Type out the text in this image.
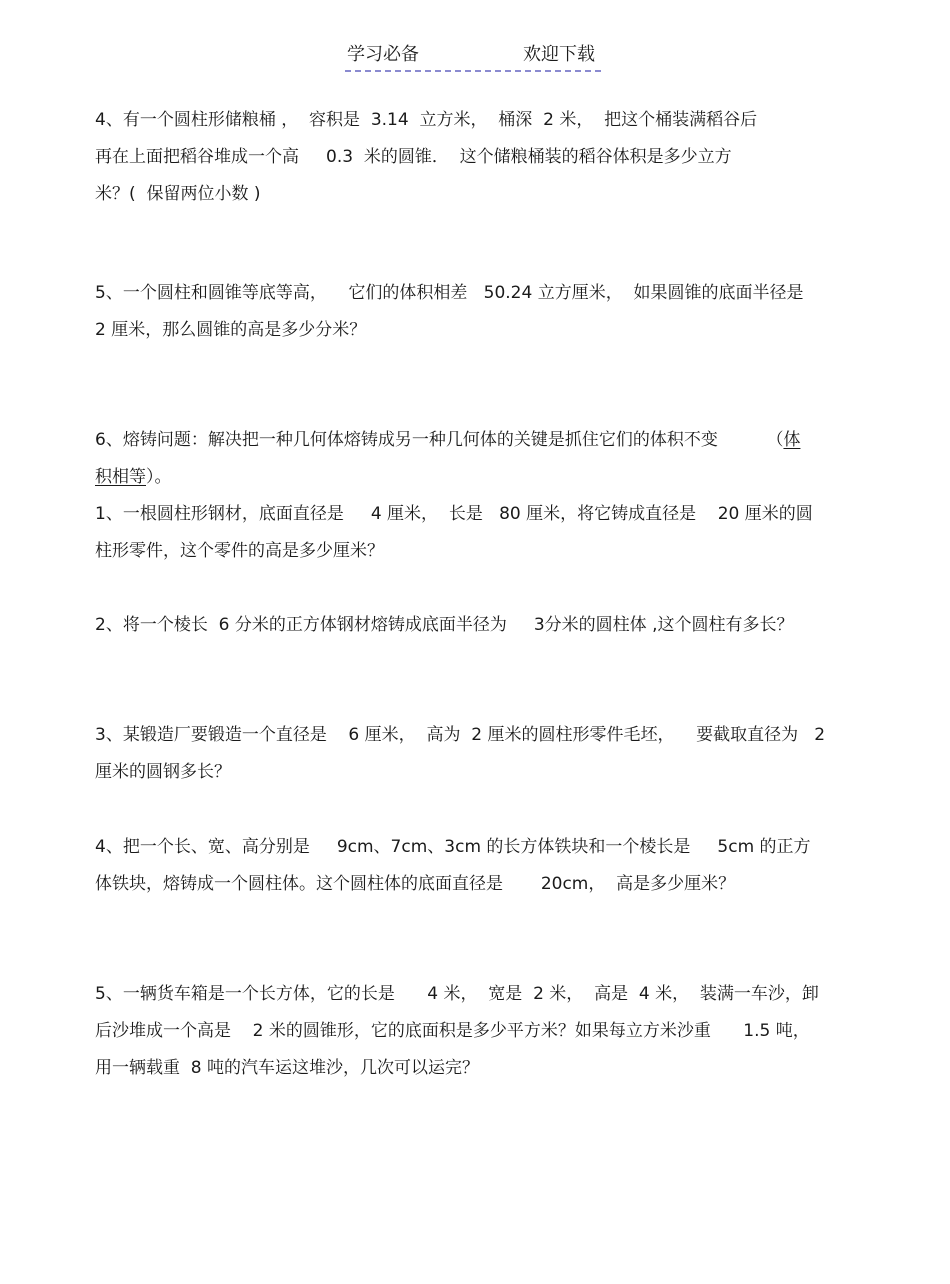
学习必备	欢迎下载

4、有一个圆柱形储粮桶 ，  容积是  3.14  立方米，  桶深  2 米，  把这个桶装满稻谷后

再在上面把稻谷堆成一个高     0.3  米的圆锥．  这个储粮桶装的稻谷体积是多少立方

米？(  保留两位小数 )

5、一个圆柱和圆锥等底等高，    它们的体积相差   50.24 立方厘米，  如果圆锥的底面半径是

2 厘米，那么圆锥的高是多少分米？

6、熔铸问题：解决把一种几何体熔铸成另一种几何体的关键是抓住它们的体积不变         （体

积相等）。

1、一根圆柱形钢材，底面直径是     4 厘米，  长是   80 厘米，将它铸成直径是    20 厘米的圆

柱形零件，这个零件的高是多少厘米？

2、将一个棱长  6 分米的正方体钢材熔铸成底面半径为     3分米的圆柱体 ,这个圆柱有多长？

3、某锻造厂要锻造一个直径是    6 厘米，  高为  2 厘米的圆柱形零件毛坯，    要截取直径为   2

厘米的圆钢多长？

4、把一个长、宽、高分别是     9cm、7cm、3cm 的长方体铁块和一个棱长是     5cm 的正方

体铁块，熔铸成一个圆柱体。这个圆柱体的底面直径是       20cm，  高是多少厘米？

5、一辆货车箱是一个长方体，它的长是      4 米，  宽是  2 米，  高是  4 米，  装满一车沙，卸

后沙堆成一个高是    2 米的圆锥形，它的底面积是多少平方米？如果每立方米沙重      1.5 吨，

用一辆载重  8 吨的汽车运这堆沙，几次可以运完？
